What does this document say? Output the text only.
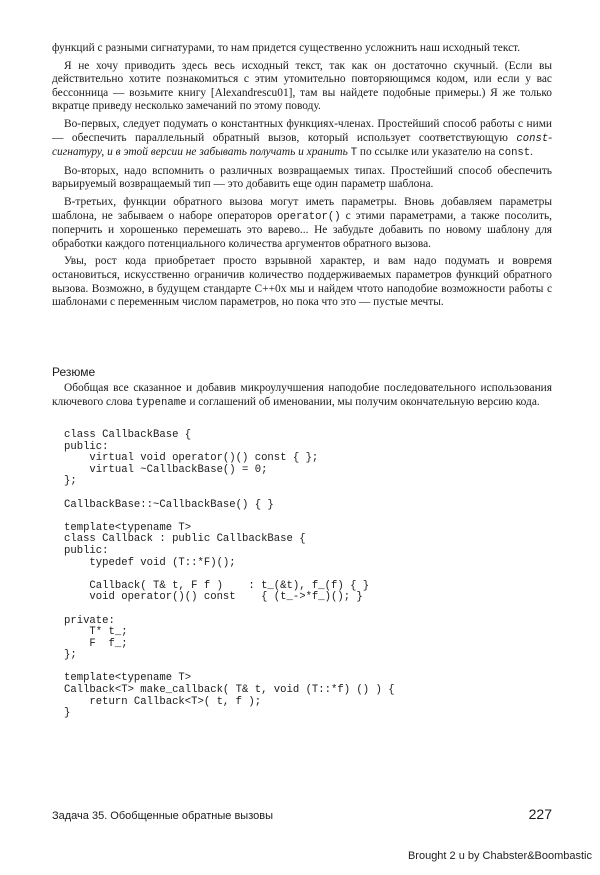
функций с разными сигнатурами, то нам придется существенно усложнить наш исходный текст.

Я не хочу приводить здесь весь исходный текст, так как он достаточно скучный. (Если вы действительно хотите познакомиться с этим утомительно повторяющимся кодом, или если у вас бессонница — возьмите книгу [Alexandrescu01], там вы найдете подобные примеры.) Я же только вкратце приведу несколько замечаний по этому поводу.

Во-первых, следует подумать о константных функциях-членах. Простейший способ работы с ними — обеспечить параллельный обратный вызов, который использует соответствующую const-сигнатуру, и в этой версии не забывать получать и хранить T по ссылке или указателю на const.

Во-вторых, надо вспомнить о различных возвращаемых типах. Простейший способ обеспечить варьируемый возвращаемый тип — это добавить еще один параметр шаблона.

В-третьих, функции обратного вызова могут иметь параметры. Вновь добавляем параметры шаблона, не забываем о наборе операторов operator() с этими параметрами, а также посолить, поперчить и хорошенько перемешать это варево... Не забудьте добавить по новому шаблону для обработки каждого потенциального количества аргументов обратного вызова.

Увы, рост кода приобретает просто взрывной характер, и вам надо подумать и вовремя остановиться, искусственно ограничив количество поддерживаемых параметров функций обратного вызова. Возможно, в будущем стандарте C++0x мы и найдем чтото наподобие возможности работы с шаблонами с переменным числом параметров, но пока что это — пустые мечты.

Резюме

Обобщая все сказанное и добавив микроулучшения наподобие последовательного использования ключевого слова typename и соглашений об именовании, мы получим окончательную версию кода.

class CallbackBase {
public:
virtual void operator()() const { };
virtual ~CallbackBase() = 0;
};

CallbackBase::~CallbackBase() { }

template<typename T>
class Callback : public CallbackBase {
public:
typedef void (T::*F)();

Callback( T& t, F f )    : t_(&t), f_(f) { }
void operator()() const    { (t_->*f_)(); }

private:
T* t_;
F  f_;
};

template<typename T>
Callback<T> make_callback( T& t, void (T::*f) () ) {
return Callback<T>( t, f );
}
Задача 35. Обобщенные обратные вызовы	227
Brought 2 u by Chabster&Boombastic
